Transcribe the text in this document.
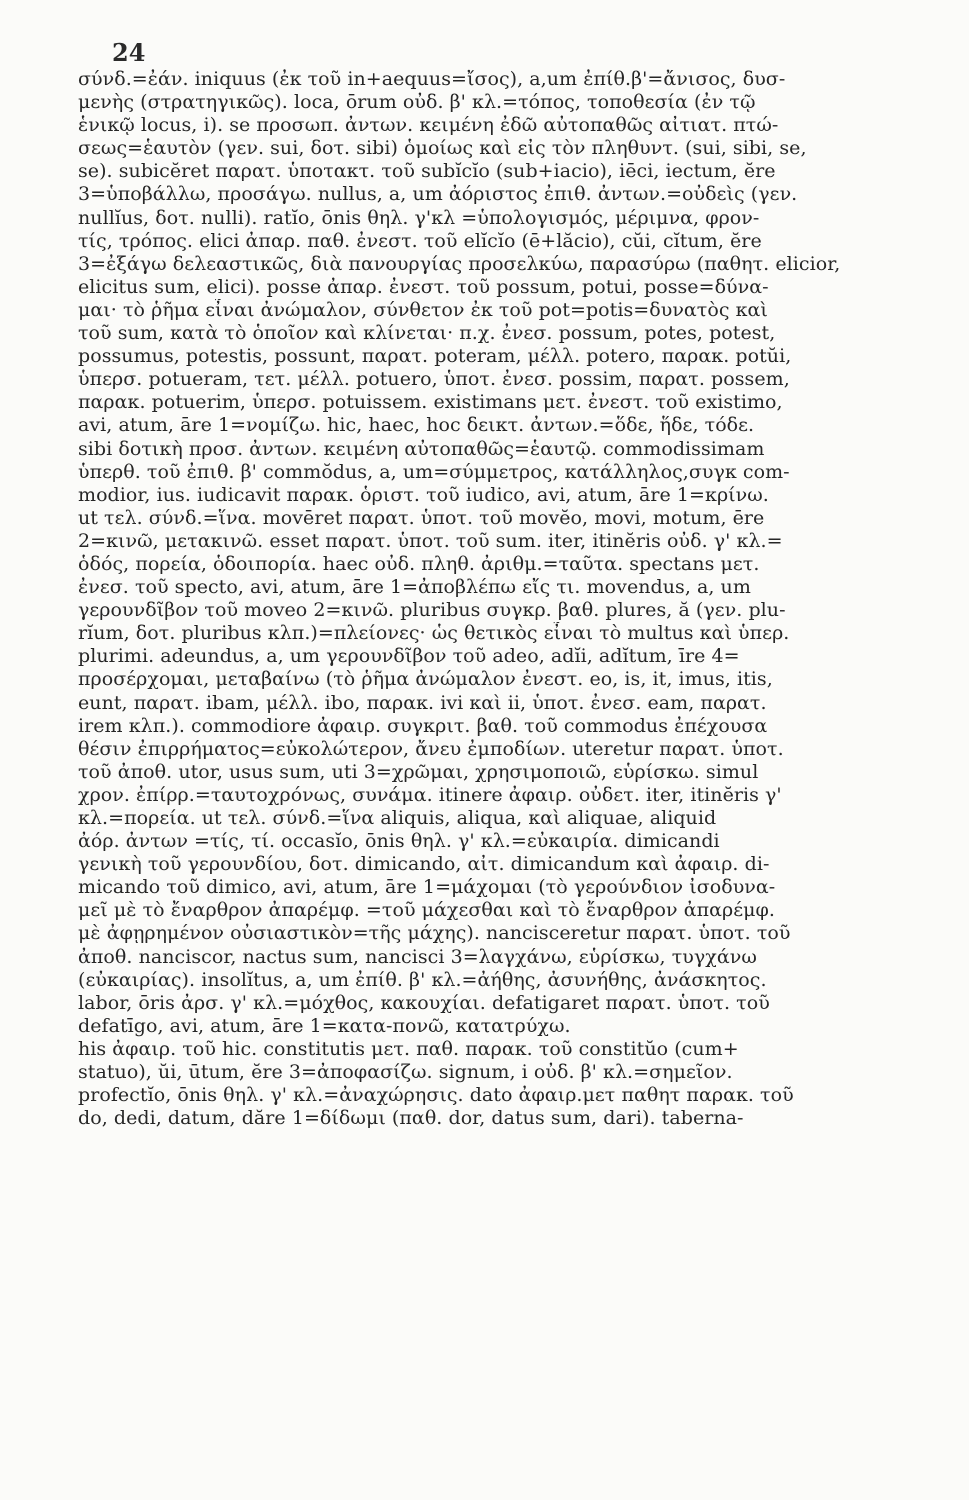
24
σύνδ.=ἐάν. iniquus (ἐκ τοῦ in+aequus=ἴσος), a,um ἐπίθ.β'=ἄνισος, δυσ-
μενὴς (στρατηγικῶς). loca, ōrum οὐδ. β' κλ.=τόπος, τοποθεσία (ἐν τῷ
ἑνικῷ locus, i). se προσωπ. ἀντων. κειμένη ἐδῶ αὐτοπαθῶς αἰτιατ. πτώ-
σεως=ἑαυτὸν (γεν. sui, δοτ. sibi) ὁμοίως καὶ εἰς τὸν πληθυντ. (sui, sibi, se,
se). subicĕret παρατ. ὑποτακτ. τοῦ subĭcĭo (sub+iacio), iēci, iectum, ĕre
3=ὑποβάλλω, προσάγω. nullus, a, um ἀόριστος ἐπιθ. ἀντων.=οὐδεὶς (γεν.
nullĭus, δοτ. nulli). ratĭo, ōnis θηλ. γ'κλ =ὑπολογισμός, μέριμνα, φρον-
τίς, τρόπος. elici ἀπαρ. παθ. ἐνεστ. τοῦ elĭcĭo (ē+lăcio), cŭi, cĭtum, ĕre
3=ἐξάγω δελεαστικῶς, διὰ πανουργίας προσελκύω, παρασύρω (παθητ. elicior,
elicitus sum, elici). posse ἀπαρ. ἐνεστ. τοῦ possum, potui, posse=δύνα-
μαι· τὸ ῥῆμα εἶναι ἀνώμαλον, σύνθετον ἐκ τοῦ pot=potis=δυνατὸς καὶ
τοῦ sum, κατὰ τὸ ὁποῖον καὶ κλίνεται· π.χ. ἐνεσ. possum, potes, potest,
possumus, potestis, possunt, παρατ. poteram, μέλλ. potero, παρακ. potŭi,
ὑπερσ. potueram, τετ. μέλλ. potuero, ὑποτ. ἐνεσ. possim, παρατ. possem,
παρακ. potuerim, ὑπερσ. potuissem. existimans μετ. ἐνεστ. τοῦ existimo,
avi, atum, āre 1=νομίζω. hic, haec, hoc δεικτ. ἀντων.=ὅδε, ἥδε, τόδε.
sibi δοτικὴ προσ. ἀντων. κειμένη αὐτοπαθῶς=ἑαυτῷ. commodissimam
ὑπερθ. τοῦ ἐπιθ. β' commŏdus, a, um=σύμμετρος, κατάλληλος,συγκ com-
modior, ius. iudicavit παρακ. ὁριστ. τοῦ iudico, avi, atum, āre 1=κρίνω.
ut τελ. σύνδ.=ἵνα. movēret παρατ. ὑποτ. τοῦ movĕo, movi, motum, ēre
2=κινῶ, μετακινῶ. esset παρατ. ὑποτ. τοῦ sum. iter, itinĕris οὐδ. γ' κλ.=
ὁδός, πορεία, ὁδοιπορία. haec οὐδ. πληθ. ἀριθμ.=ταῦτα. spectans μετ.
ἐνεσ. τοῦ specto, avi, atum, āre 1=ἀποβλέπω εἴς τι. movendus, a, um
γερουνδῖβον τοῦ moveo 2=κινῶ. pluribus συγκρ. βαθ. plures, ă (γεν. plu-
rĭum, δοτ. pluribus κλπ.)=πλείονες· ὡς θετικὸς εἶναι τὸ multus καὶ ὑπερ.
plurimi. adeundus, a, um γερουνδῖβον τοῦ adeo, adĭi, adĭtum, īre 4=
προσέρχομαι, μεταβαίνω (τὸ ῥῆμα ἀνώμαλον ἐνεστ. eo, is, it, imus, itis,
eunt, παρατ. ibam, μέλλ. ibo, παρακ. ivi καὶ ii, ὑποτ. ἐνεσ. eam, παρατ.
irem κλπ.). commodiore ἀφαιρ. συγκριτ. βαθ. τοῦ commodus ἐπέχουσα
θέσιν ἐπιρρήματος=εὐκολώτερον, ἄνευ ἐμποδίων. uteretur παρατ. ὑποτ.
τοῦ ἀποθ. utor, usus sum, uti 3=χρῶμαι, χρησιμοποιῶ, εὑρίσκω. simul
χρον. ἐπίρρ.=ταυτοχρόνως, συνάμα. itinere ἀφαιρ. οὐδετ. iter, itinĕris γ'
κλ.=πορεία. ut τελ. σύνδ.=ἵνα aliquis, aliqua, καὶ aliquae, aliquid
ἀόρ. ἀντων =τίς, τί. occasĭo, ōnis θηλ. γ' κλ.=εὐκαιρία. dimicandi
γενικὴ τοῦ γερουνδίου, δοτ. dimicando, αἰτ. dimicandum καὶ ἀφαιρ. di-
micando τοῦ dimico, avi, atum, āre 1=μάχομαι (τὸ γερούνδιον ἰσοδυνα-
μεῖ μὲ τὸ ἔναρθρον ἀπαρέμφ. =τοῦ μάχεσθαι καὶ τὸ ἔναρθρον ἀπαρέμφ.
μὲ ἀφῃρημένον οὐσιαστικὸν=τῆς μάχης). nancisceretur παρατ. ὑποτ. τοῦ
ἀποθ. nanciscor, nactus sum, nancisci 3=λαγχάνω, εὑρίσκω, τυγχάνω
(εὐκαιρίας). insolĭtus, a, um ἐπίθ. β' κλ.=ἀήθης, ἀσυνήθης, ἀνάσκητος.
labor, ōris ἀρσ. γ' κλ.=μόχθος, κακουχίαι. defatigaret παρατ. ὑποτ. τοῦ
defatīgo, avi, atum, āre 1=κατα-πονῶ, κατατρύχω.
his ἀφαιρ. τοῦ hic. constitutis μετ. παθ. παρακ. τοῦ constitŭo (cum+
statuo), ŭi, ūtum, ĕre 3=ἀποφασίζω. signum, i οὐδ. β' κλ.=σημεῖον.
profectĭo, ōnis θηλ. γ' κλ.=ἀναχώρησις. dato ἀφαιρ.μετ παθητ παρακ. τοῦ
do, dedi, datum, dăre 1=δίδωμι (παθ. dor, datus sum, dari). taberna-
